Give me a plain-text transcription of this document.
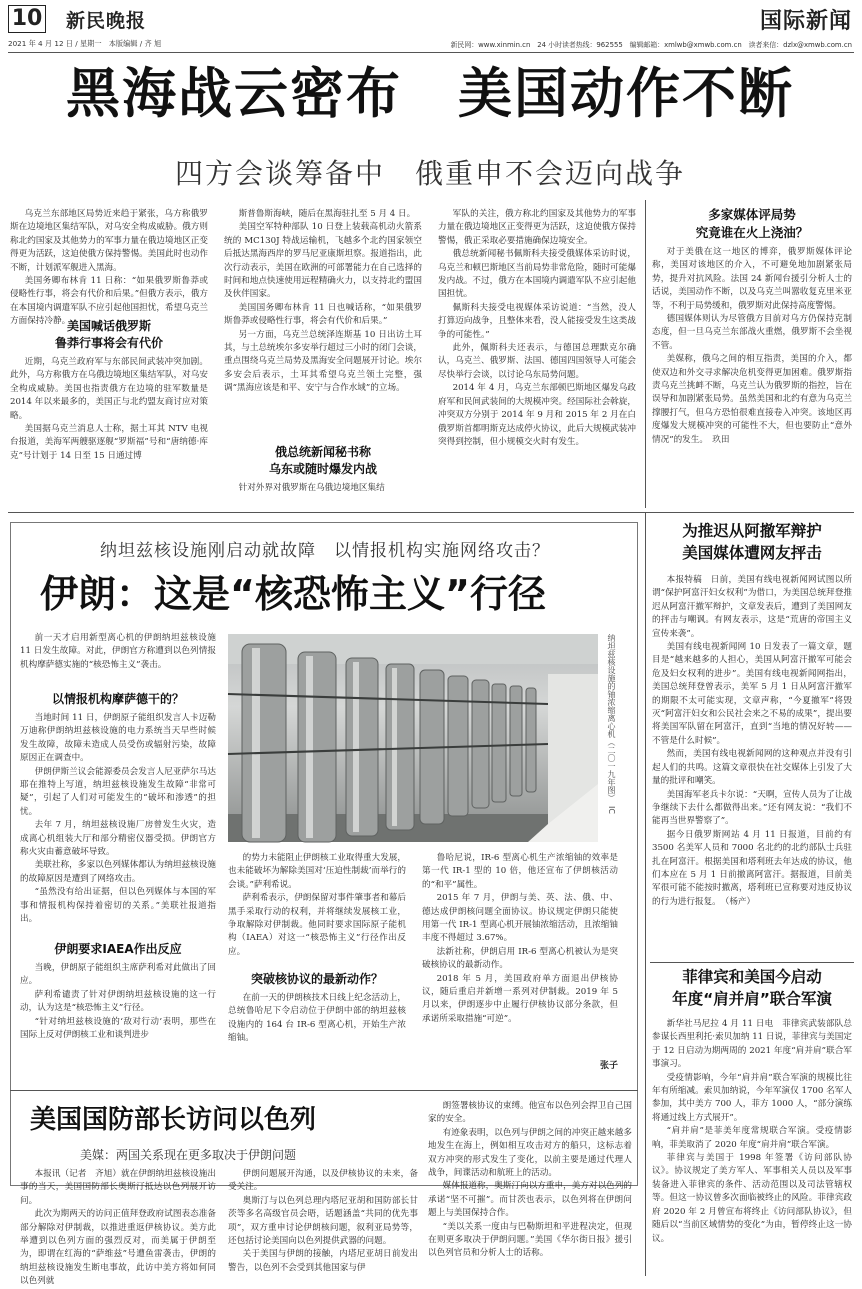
10 新民晚报	国际新闻
2021 年 4 月 12 日 / 星期一　本版编辑 / 齐 旭	新民网：www.xinmin.cn　24 小时读者热线：962555　编辑邮箱：xmlwb@xmwb.com.cn　读者来信：dzlx@xmwb.com.cn
黑海战云密布　美国动作不断
四方会谈筹备中　俄重申不会迈向战争
乌克兰东部地区局势近来趋于紧张，乌方称俄罗斯在边境地区集结军队，对乌安全构成威胁。俄方则称北约国家及其他势力的军事力量在俄边境地区正变得更为活跃，这迫使俄方保持警惕。美国此时也动作不断，计划派军舰进入黑海。
美国务卿布林肯 11 日称：“如果俄罗斯鲁莽或侵略性行事，将会有代价和后果。”但俄方表示，俄方在本国境内调遣军队不应引起他国担忧，希望乌克兰方面保持冷静。
美国喊话俄罗斯
鲁莽行事将会有代价
近期，乌克兰政府军与东部民间武装冲突加剧。此外，乌方称俄方在乌俄边境地区集结军队，对乌安全构成威胁。美国也指责俄方在边境的驻军数量是 2014 年以来最多的，美国正与北约盟友商讨应对策略。
美国据乌克兰消息人士称，据土耳其 NTV 电视台报道，美海军两艘驱逐舰“罗斯福”号和“唐纳德·库克”号计划于 14 日至 15 日通过博
斯普鲁斯海峡，随后在黑海驻扎至 5 月 4 日。
美国空军特种部队 10 日登上装载高机动火箭系统的 MC130J 特战运输机，飞越多个北约国家领空后抵达黑海西岸的罗马尼亚康斯坦察。报道指出，此次行动表示，美国在欧洲的可部署能力在自己选择的时间和地点快速使用远程精确火力，以支持北约盟国及伙伴国家。
美国国务卿布林肯 11 日也喊话称，“如果俄罗斯鲁莽或侵略性行事，将会有代价和后果。”
另一方面，乌克兰总统泽连斯基 10 日出访土耳其，与土总统埃尔多安举行超过三小时的闭门会谈，重点围绕乌克兰局势及黑海安全问题展开讨论。埃尔多安会后表示，土耳其希望乌克兰领土完整，强调“黑海应该是和平、安宁与合作水域”的立场。
俄总统新闻秘书称
乌东或随时爆发内战
针对外界对俄罗斯在乌俄边境地区集结
军队的关注，俄方称北约国家及其他势力的军事力量在俄边境地区正变得更为活跃，这迫使俄方保持警惕，俄正采取必要措施确保边境安全。
俄总统新闻秘书佩斯科夫接受俄媒体采访时说，乌克兰和顿巴斯地区当前局势非常危险，随时可能爆发内战。不过，俄方在本国境内调遣军队不应引起他国担忧。
佩斯科夫接受电视媒体采访说道：“当然，没人打算迈向战争，且整体来看，没人能接受发生这类战争的可能性。”
此外，佩斯科夫还表示，与德国总理默克尔确认，乌克兰、俄罗斯、法国、德国四国领导人可能会尽快举行会谈，以讨论乌东局势问题。
2014 年 4 月，乌克兰东部顿巴斯地区爆发乌政府军和民间武装间的大规模冲突。经国际社会斡旋，冲突双方分别于 2014 年 9 月和 2015 年 2 月在白俄罗斯首都明斯克达成停火协议，此后大规模武装冲突得到控制，但小规模交火时有发生。
多家媒体评局势
究竟谁在火上浇油？
对于美俄在这一地区的博弈，俄罗斯媒体评论称，美国对该地区的介入，不可避免地加剧紧张局势，提升对抗风险。法国 24 新闻台援引分析人士的话说，美国动作不断，以及乌克兰叫嚣收复克里米亚等，不利于局势缓和，俄罗斯对此保持高度警惕。
德国媒体则认为尽管俄方目前对乌方仍保持克制态度，但一旦乌克兰东部战火重燃，俄罗斯不会坐视不管。
美媒称，俄乌之间的相互指责，美国的介入，都使双边和外交寻求解决危机变得更加困难。俄罗斯指责乌克兰挑衅不断，乌克兰认为俄罗斯的指控，旨在误导和加剧紧张局势。虽然美国和北约有意为乌克兰撑腰打气，但乌方恐怕很难直接卷入冲突。该地区再度爆发大规模冲突的可能性不大，但也要防止“意外情况”的发生。　玖田
纳坦兹核设施刚启动就故障　以情报机构实施网络攻击？
伊朗：这是“核恐怖主义”行径
前一天才启用新型离心机的伊朗纳坦兹核设施 11 日发生故障。对此，伊朗官方称遭到以色列情报机构摩萨德实施的“核恐怖主义”袭击。
以情报机构摩萨德干的？
当地时间 11 日，伊朗原子能组织发言人卡迈勒万迪称伊朗纳坦兹核设施的电力系统当天早些时候发生故障，故障未造成人员受伤或辐射污染，故障原因正在调查中。
伊朗伊斯兰议会能源委员会发言人尼亚萨尔马达耶在推特上写道，纳坦兹核设施发生故障“非常可疑”，引起了人们对可能发生的“破坏和渗透”的担忧。
去年 7 月，纳坦兹核设施厂房曾发生火灾，造成离心机组装大厅和部分精密仪器受损。伊朗官方称火灾由蓄意破坏导致。
美联社称，多家以色列媒体都认为纳坦兹核设施的故障原因是遭到了网络攻击。
“虽然没有给出证据，但以色列媒体与本国的军事和情报机构保持着密切的关系。”美联社报道指出。
伊朗要求IAEA作出反应
当晚，伊朗原子能组织主席萨利希对此做出了回应。
萨利希谴责了针对伊朗纳坦兹核设施的这一行动，认为这是“核恐怖主义”行径。
“针对纳坦兹核设施的‘敌对行动’表明，那些在国际上反对伊朗核工业和谈判进步
纳坦兹核设施的铀浓缩离心机（二〇一九年图）　IC
的势力未能阻止伊朗核工业取得重大发展，也未能破坏为解除美国对‘压迫性制裁’而举行的会谈。”萨利希说。
萨利希表示，伊朗保留对事件肇事者和幕后黑手采取行动的权利，并将继续发展核工业，争取解除对伊制裁。他同时要求国际原子能机构（IAEA）对这一“核恐怖主义”行径作出反应。
突破核协议的最新动作？
在前一天的伊朗核技术日线上纪念活动上，总统鲁哈尼下令启动位于伊朗中部的纳坦兹核设施内的 164 台 IR-6 型离心机，开始生产浓缩铀。
鲁哈尼说，IR-6 型离心机生产浓缩铀的效率是第一代 IR-1 型的 10 倍，他还宣布了伊朗核活动的“和平”属性。
2015 年 7 月，伊朗与美、英、法、俄、中、德达成伊朗核问题全面协议。协议规定伊朗只能使用第一代 IR-1 型离心机开展铀浓缩活动，且浓缩铀丰度不得超过 3.67%。
法新社称，伊朗启用 IR-6 型离心机被认为是突破核协议的最新动作。
2018 年 5 月，美国政府单方面退出伊核协议，随后重启并新增一系列对伊制裁。2019 年 5 月以来，伊朗逐步中止履行伊核协议部分条款，但承诺所采取措施“可逆”。
张子
美国国防部长访问以色列
美媒：两国关系现在更多取决于伊朗问题
本报讯（记者　齐旭）就在伊朗纳坦兹核设施出事的当天，美国国防部长奥斯汀抵达以色列展开访问。
此次为期两天的访问正值拜登政府试图表态准备部分解除对伊制裁，以推进重返伊核协议。美方此举遭到以色列方面的强烈反对，而美属于伊朗至为，即谓在红海的“萨维兹”号遭鱼雷袭击，伊朗的纳坦兹核设施发生断电事故，此访中美方将如何同以色列就
伊朗问题展开沟通，以及伊核协议的未来，备受关注。
奥斯汀与以色列总理内塔尼亚胡和国防部长甘茨等多名高级官员会晤，话题涵盖“共同的优先事项”，双方重申讨论伊朗核问题，叙利亚局势等，还包括讨论美国向以色列提供武器的问题。
关于美国与伊朗的接触，内塔尼亚胡日前发出警告，以色列不会受到其他国家与伊
朗签署核协议的束缚。他宣布以色列会捍卫自己国家的安全。
有迹象表明，以色列与伊朗之间的冲突正越来越多地发生在海上，例如相互攻击对方的船只，这标志着双方冲突的形式发生了变化，以前主要是通过代理人战争，间谍活动和航班上的活动。
媒体报道称，奥斯汀向以方重申，美方对以色列的承诺“坚不可摧”。而甘茨也表示，以色列将在伊朗问题上与美国保持合作。
“美以关系一度由与巴勒斯坦和平进程决定，但现在则更多取决于伊朗问题。”美国《华尔街日报》援引以色列官员和分析人士的话称。
为推迟从阿撤军辩护
美国媒体遭网友抨击
本报特稿　日前，美国有线电视新闻网试图以所谓“保护阿富汗妇女权利”为借口，为美国总统拜登推迟从阿富汗撤军辩护，文章发表后，遭到了美国网友的抨击与嘲讽。有网友表示，这是“荒唐的帝国主义宣传来袭”。
美国有线电视新闻网 10 日发表了一篇文章，题目是“越来越多的人担心，美国从阿富汗撤军可能会危及妇女权利的进步”。美国有线电视新闻网指出，美国总统拜登曾表示，美军 5 月 1 日从阿富汗撤军的期限不太可能实现，文章声称，“今夏撤军”将毁灭“阿富汗妇女和公民社会来之不易的成果”，提出要将美国军队留在阿富汗，直到“当地的情况好转——不管是什么时候”。
然而，美国有线电视新闻网的这种观点并没有引起人们的共鸣。这篇文章很快在社交媒体上引发了大量的批评和嘲笑。
美国海军老兵卡尔说：“天啊，宣传人员为了让战争继续下去什么都做得出来。”还有网友说：“我们不能再当世界警察了”。
据今日俄罗斯网站 4 月 11 日报道，目前约有 3500 名美军人员和 7000 名北约的北约部队士兵驻扎在阿富汗。根据美国和塔利班去年达成的协议，他们本应在 5 月 1 日前撤离阿富汗。据报道，目前美军很可能不能按时撤离，塔利班已宣称要对违反协议的行为进行报复。　（杨产）
菲律宾和美国今启动
年度“肩并肩”联合军演
新华社马尼拉 4 月 11 日电　菲律宾武装部队总参谋长西里利托·索贝加纳 11 日说，菲律宾与美国定于 12 日启动为期两周的 2021 年度“肩并肩”联合军事演习。
受疫情影响，今年“肩并肩”联合军演的规模比往年有所缩减。索贝加纳说，今年军演仅 1700 名军人参加，其中美方 700 人，菲方 1000 人，“部分演练将通过线上方式展开”。
“肩并肩”是菲美年度常规联合军演。受疫情影响，菲美取消了 2020 年度“肩并肩”联合军演。
菲律宾与美国于 1998 年签署《访问部队协议》。协议规定了美方军人、军事相关人员以及军事装备进入菲律宾的条件、活动范围以及司法管辖权等。但这一协议曾多次面临被终止的风险。菲律宾政府 2020 年 2 月曾宣布将终止《访问部队协议》，但随后以“当前区域情势的变化”为由，暂停终止这一协议。
